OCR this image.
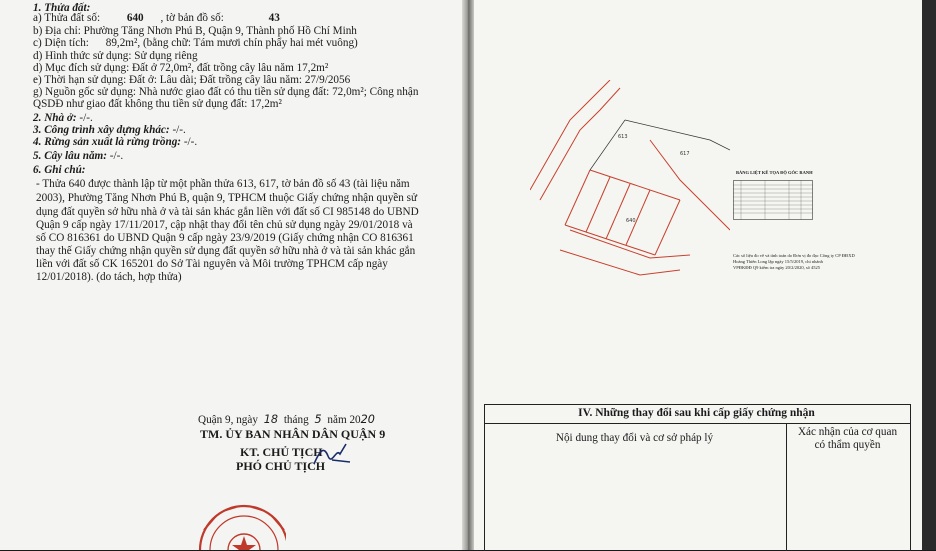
1. Thửa đất:
a) Thửa đất số: 640 , tờ bản đồ số:	43
b) Địa chỉ: Phường Tăng Nhơn Phú B, Quận 9, Thành phố Hồ Chí Minh
c) Diện tích: 89,2m², (bằng chữ: Tám mươi chín phẩy hai mét vuông)
d) Hình thức sử dụng: Sử dụng riêng
d) Mục đích sử dụng: Đất ở 72,0m², đất trồng cây lâu năm 17,2m²
e) Thời hạn sử dụng: Đất ở: Lâu dài; Đất trồng cây lâu năm: 27/9/2056
g) Nguồn gốc sử dụng: Nhà nước giao đất có thu tiền sử dụng đất: 72,0m²; Công nhận
QSDĐ như giao đất không thu tiền sử dụng đất: 17,2m²
2. Nhà ở: -/-.
3. Công trình xây dựng khác: -/-.
4. Rừng sản xuất là rừng trồng: -/-.
5. Cây lâu năm: -/-.
6. Ghi chú:
- Thửa 640 được thành lập từ một phần thửa 613, 617, tờ bản đồ số 43 (tài liệu năm
2003), Phường Tăng Nhơn Phú B, quận 9, TPHCM thuộc Giấy chứng nhận quyền sử
dụng đất quyền sở hữu nhà ở và tài sản khác gắn liền với đất số CI 985148 do UBND
Quận 9 cấp ngày 17/11/2017, cập nhật thay đổi tên chủ sử dụng ngày 29/01/2018 và
số CO 816361 do UBND Quận 9 cấp ngày 23/9/2019 (Giấy chứng nhận CO 816361
thay thế Giấy chứng nhận quyền sử dụng đất quyền sở hữu nhà ở và tài sản khác gắn
liền với đất số CK 165201 do Sở Tài nguyên và Môi trường TPHCM cấp ngày
12/01/2018). (do tách, hợp thửa)
Quận 9, ngày 18 tháng 5 năm 2020
TM. ỦY BAN NHÂN DÂN QUẬN 9
KT. CHỦ TỊCH
PHÓ CHỦ TỊCH
640
617
613
BẢNG LIỆT KÊ TỌA ĐỘ GÓC RANH
Các số liệu đo vẽ và tính toán do Đơn vị đo đạc Công ty CP ĐĐXD
Hoàng Thiên Long lập ngày 15/5/2019, chi nhánh
VPĐKĐĐ Q9 kiểm tra ngày 20/2/2020, số 4525
IV. Những thay đổi sau khi cấp giấy chứng nhận
Nội dung thay đổi và cơ sở pháp lý	Xác nhận của cơ quan
có thẩm quyền
